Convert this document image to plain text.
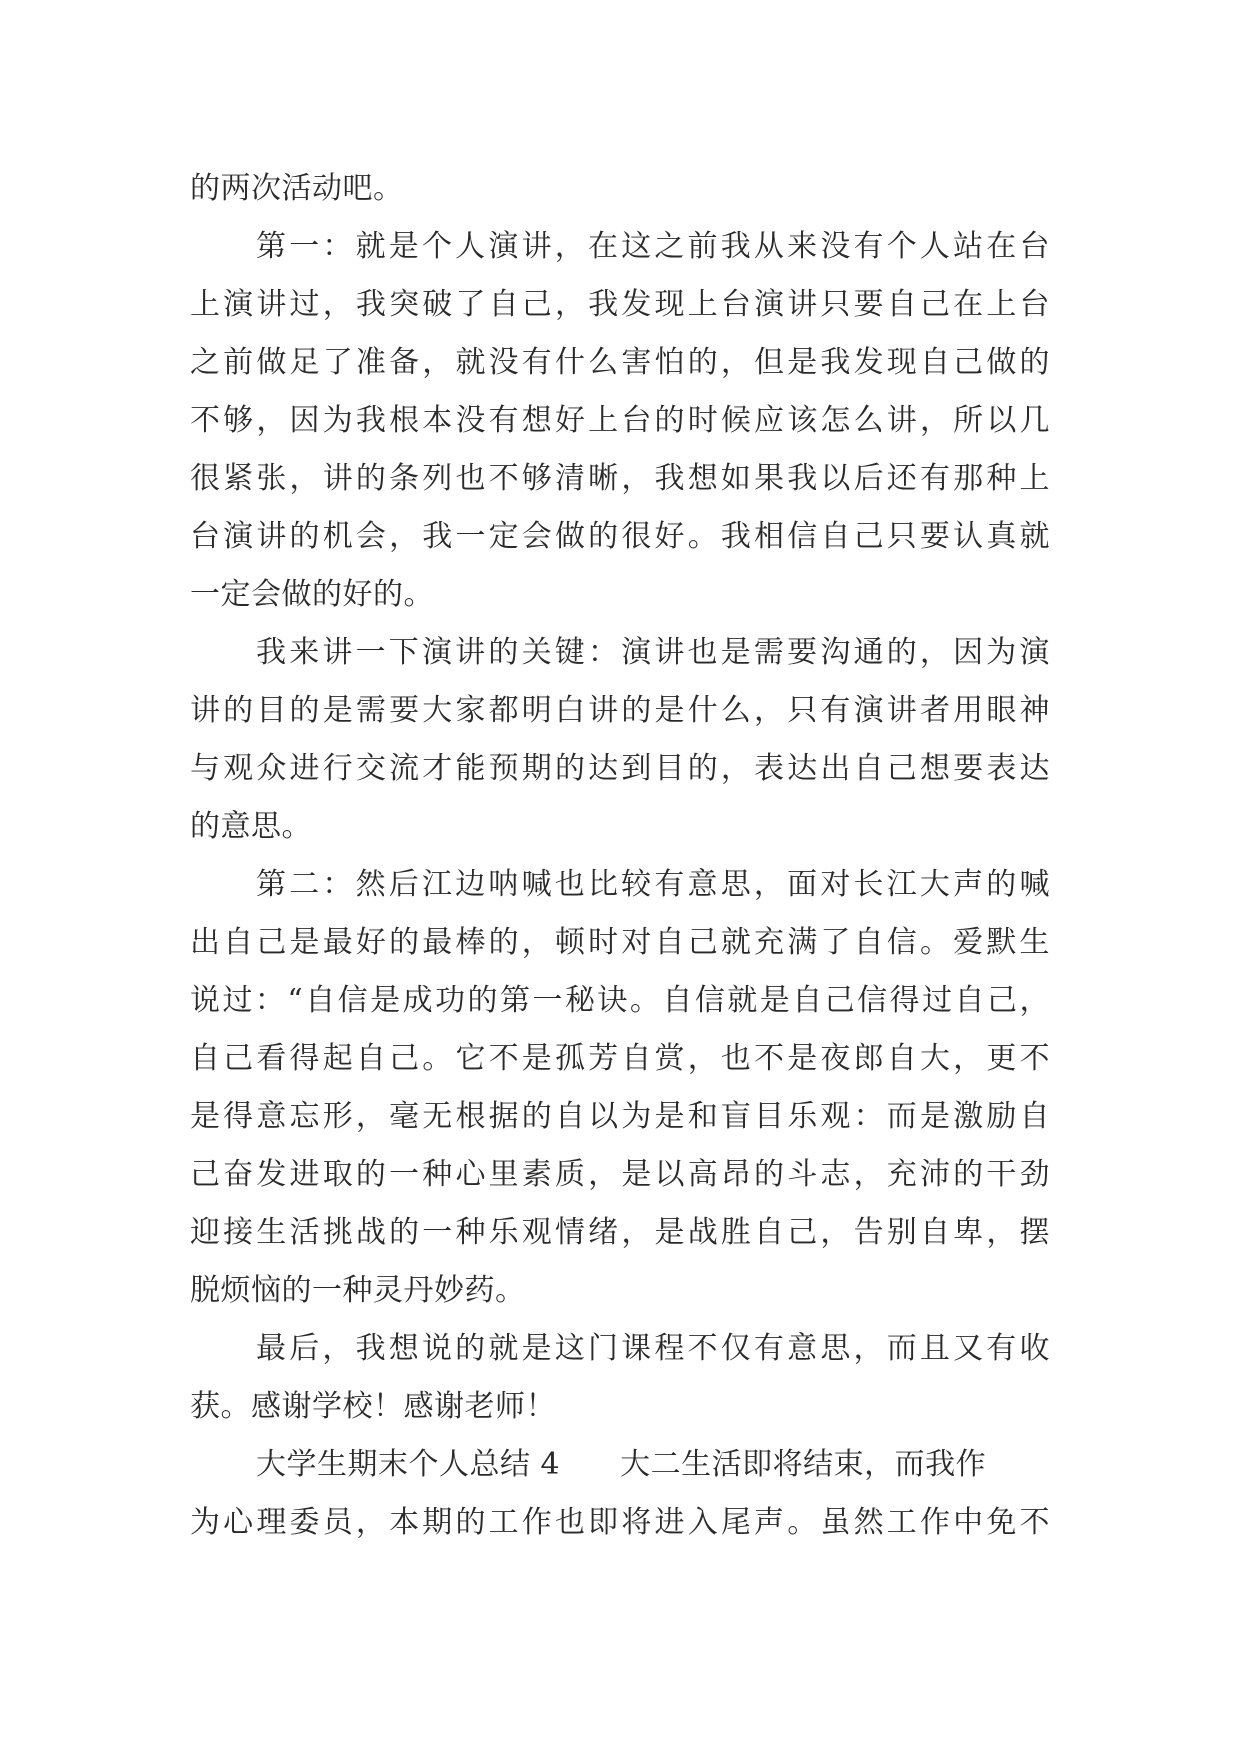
的两次活动吧。
第一：就是个人演讲，在这之前我从来没有个人站在台
上演讲过，我突破了自己，我发现上台演讲只要自己在上台
之前做足了准备，就没有什么害怕的，但是我发现自己做的
不够，因为我根本没有想好上台的时候应该怎么讲，所以几
很紧张，讲的条列也不够清晰，我想如果我以后还有那种上
台演讲的机会，我一定会做的很好。我相信自己只要认真就
一定会做的好的。
我来讲一下演讲的关键：演讲也是需要沟通的，因为演
讲的目的是需要大家都明白讲的是什么，只有演讲者用眼神
与观众进行交流才能预期的达到目的，表达出自己想要表达
的意思。
第二：然后江边呐喊也比较有意思，面对长江大声的喊
出自己是最好的最棒的，顿时对自己就充满了自信。爱默生
说过：“自信是成功的第一秘诀。自信就是自己信得过自己，
自己看得起自己。它不是孤芳自赏，也不是夜郎自大，更不
是得意忘形，毫无根据的自以为是和盲目乐观：而是激励自
己奋发进取的一种心里素质，是以高昂的斗志，充沛的干劲
迎接生活挑战的一种乐观情绪，是战胜自己，告别自卑，摆
脱烦恼的一种灵丹妙药。
最后，我想说的就是这门课程不仅有意思，而且又有收
获。感谢学校！感谢老师！
大学生期末个人总结 4 大二生活即将结束，而我作
为心理委员，本期的工作也即将进入尾声。虽然工作中免不
